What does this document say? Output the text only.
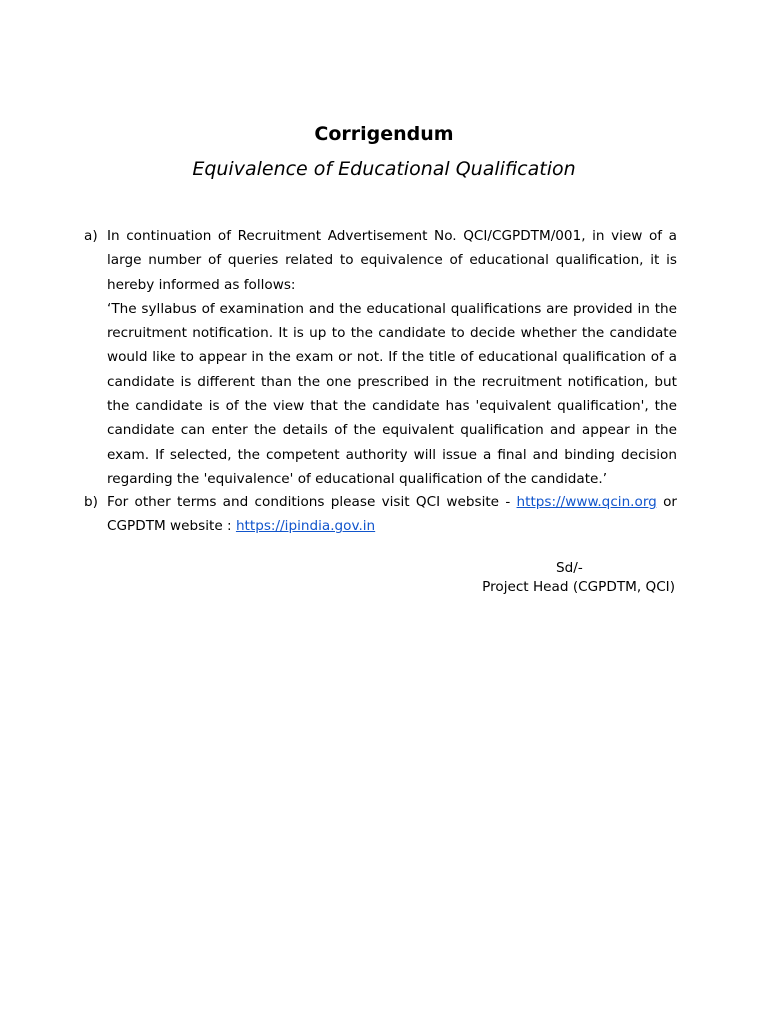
Corrigendum
Equivalence of Educational Qualification
a) In continuation of Recruitment Advertisement No. QCI/CGPDTM/001, in view of a large number of queries related to equivalence of educational qualification, it is hereby informed as follows:

‘The syllabus of examination and the educational qualifications are provided in the recruitment notification. It is up to the candidate to decide whether the candidate would like to appear in the exam or not. If the title of educational qualification of a candidate is different than the one prescribed in the recruitment notification, but the candidate is of the view that the candidate has 'equivalent qualification', the candidate can enter the details of the equivalent qualification and appear in the exam. If selected, the competent authority will issue a final and binding decision regarding the 'equivalence' of educational qualification of the candidate.’

b) For other terms and conditions please visit QCI website - https://www.qcin.org or CGPDTM website : https://ipindia.gov.in

Sd/-
Project Head (CGPDTM, QCI)
